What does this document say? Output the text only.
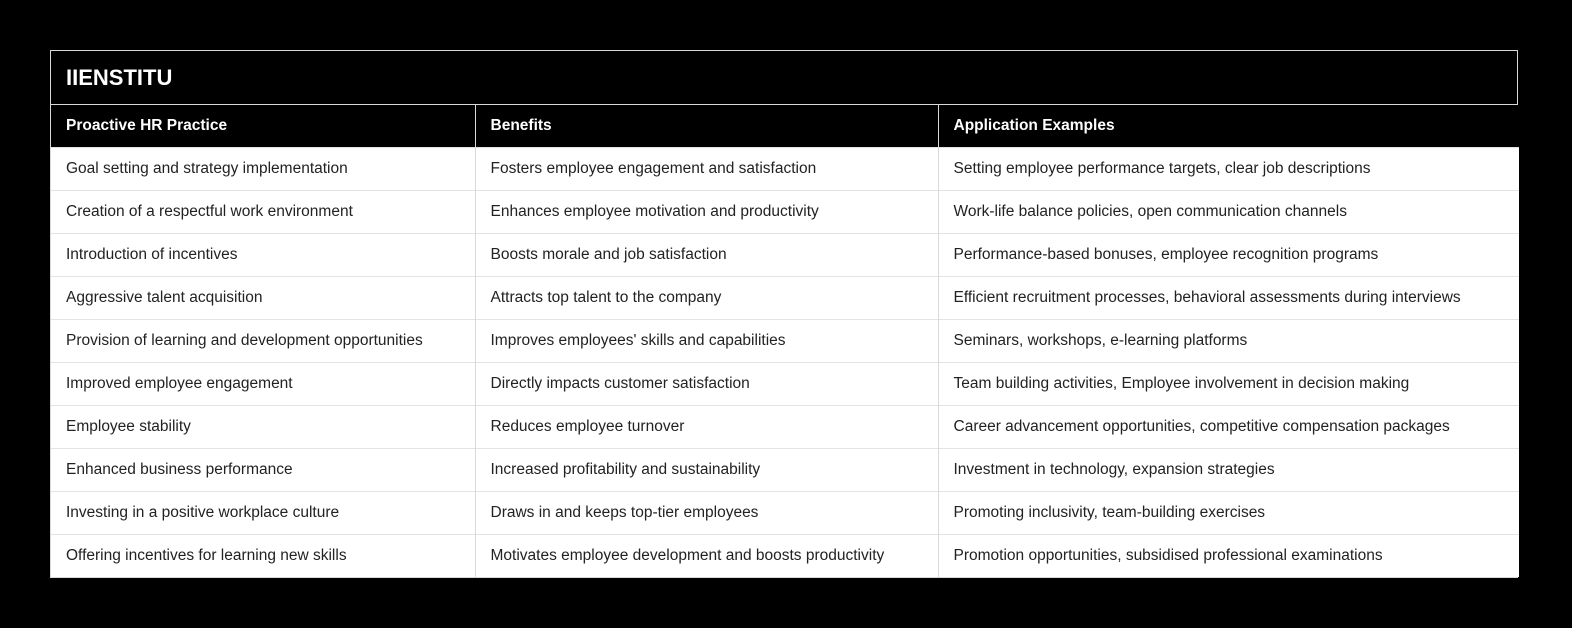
IIENSTITU
Proactive HR Practice	Benefits	Application Examples
Goal setting and strategy implementation	Fosters employee engagement and satisfaction	Setting employee performance targets, clear job descriptions
Creation of a respectful work environment	Enhances employee motivation and productivity	Work-life balance policies, open communication channels
Introduction of incentives	Boosts morale and job satisfaction	Performance-based bonuses, employee recognition programs
Aggressive talent acquisition	Attracts top talent to the company	Efficient recruitment processes, behavioral assessments during interviews
Provision of learning and development opportunities	Improves employees' skills and capabilities	Seminars, workshops, e-learning platforms
Improved employee engagement	Directly impacts customer satisfaction	Team building activities, Employee involvement in decision making
Employee stability	Reduces employee turnover	Career advancement opportunities, competitive compensation packages
Enhanced business performance	Increased profitability and sustainability	Investment in technology, expansion strategies
Investing in a positive workplace culture	Draws in and keeps top-tier employees	Promoting inclusivity, team-building exercises
Offering incentives for learning new skills	Motivates employee development and boosts productivity	Promotion opportunities, subsidised professional examinations
